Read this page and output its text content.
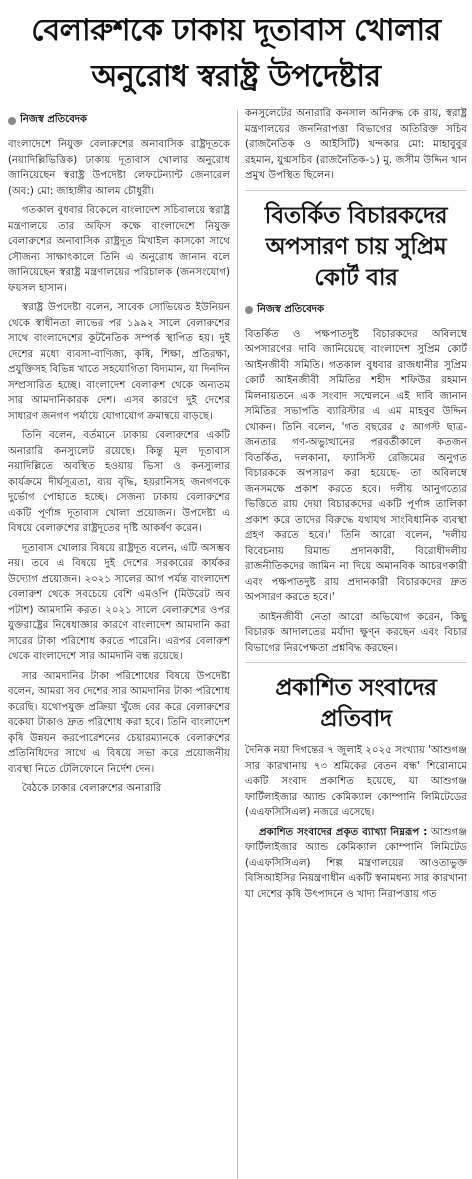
বেলারুশকে ঢাকায় দূতাবাস খোলার
অনুরোধ স্বরাষ্ট্র উপদেষ্টার
নিজস্ব প্রতিবেদক

বাংলাদেশে নিযুক্ত বেলারুশের অনাবাসিক রাষ্ট্রদূতকে (নয়াদিল্লিভিত্তিক) ঢাকায় দূতাবাস খোলার অনুরোধ জানিয়েছেন স্বরাষ্ট্র উপদেষ্টা লেফটেন্যান্ট জেনারেল (অব:) মো: জাহাঙ্গীর আলম চৌধুরী।

গতকাল বুধবার বিকেলে বাংলাদেশ সচিবালয়ে স্বরাষ্ট্র মন্ত্রণালয়ে তার অফিস কক্ষে বাংলাদেশে নিযুক্ত বেলারুশের অনাবাসিক রাষ্ট্রদূত মিখাইল কাসকো সাথে সৌজন্য সাক্ষাৎকালে তিনি এ অনুরোধ জানান বলে জানিয়েছেন স্বরাষ্ট্র মন্ত্রণালয়ের পরিচালক (জনসংযোগ) ফয়সল হাসান।

স্বরাষ্ট্র উপদেষ্টা বলেন, সাবেক সোভিয়েত ইউনিয়ন থেকে স্বাধীনতা লাভের পর ১৯৯২ সালে বেলারুশের সাথে বাংলাদেশের কূটনৈতিক সম্পর্ক স্থাপিত হয়। দুই দেশের মধ্যে ব্যবসা-বাণিজ্য, কৃষি, শিক্ষা, প্রতিরক্ষা, প্রযুক্তিসহ বিভিন্ন খাতে সহযোগিতা বিদ্যমান, যা দিনদিন সম্প্রসারিত হচ্ছে। বাংলাদেশ বেলারুশ থেকে অন্যতম সার আমদানিকারক দেশ। এসব কারণে দুই দেশের সাধারণ জনগণ পর্যায়ে যোগাযোগ ক্রমান্বয়ে বাড়ছে।

তিনি বলেন, বর্তমানে ঢাকায় বেলারুশের একটি অনারারি কনস্যুলেট রয়েছে। কিন্তু মূল দূতাবাস নয়াদিল্লিতে অবস্থিত হওয়ায় ভিসা ও কনস্যুলার কার্যক্রমে দীর্ঘসূত্রতা, ব্যয় বৃদ্ধি, হয়রানিসহ জনগণকে দুর্ভোগ পোহাতে হচ্ছে। সেজন্য ঢাকায় বেলারুশের একটি পূর্ণাঙ্গ দূতাবাস খোলা প্রয়োজন। উপদেষ্টা এ বিষয়ে বেলারুশের রাষ্ট্রদূতের দৃষ্টি আকর্ষণ করেন।

দূতাবাস খোলার বিষয়ে রাষ্ট্রদূত বলেন, এটি অসম্ভব নয়। তবে এ বিষয়ে দুই দেশের সরকারের কার্যকর উদ্যোগ প্রয়োজন। ২০২১ সালের আগ পর্যন্ত বাংলাদেশ বেলারুশ থেকে সবচেয়ে বেশি এমওপি (মিউরেট অব পটাশ) আমদানি করত। ২০২১ সালে বেলারুশের ওপর যুক্তরাষ্ট্রের নিষেধাজ্ঞার কারণে বাংলাদেশ আমদানি করা সারের টাকা পরিশোধ করতে পারেনি। এরপর বেলারুশ থেকে বাংলাদেশে সার আমদানি বন্ধ রয়েছে।

সার আমদানির টাকা পরিশোধের বিষয়ে উপদেষ্টা বলেন, আমরা সব দেশের সার আমদানির টাকা পরিশোধ করেছি। যথোপযুক্ত প্রক্রিয়া খুঁজে বের করে বেলারুশের বকেয়া টাকাও দ্রুত পরিশোধ করা হবে। তিনি বাংলাদেশ কৃষি উন্নয়ন করপোরেশনের চেয়ারম্যানকে বেলারুশের প্রতিনিধিদের সাথে এ বিষয়ে সভা করে প্রয়োজনীয় ব্যবস্থা নিতে টেলিফোনে নির্দেশ দেন।

বৈঠকে ঢাকার বেলারুশের অনারারি

কনসুলেটের অনারারি কনসাল অনিরুদ্ধ কে রায়, স্বরাষ্ট্র মন্ত্রণালয়ের জননিরাপত্তা বিভাগের অতিরিক্ত সচিব (রাজনৈতিক ও আইসিটি) খন্দকার মো: মাহাবুবুর রহমান, যুগ্মসচিব (রাজনৈতিক-১) মু. জসীম উদ্দিন খান প্রমুখ উপস্থিত ছিলেন।

বিতর্কিত বিচারকদের
অপসারণ চায় সুপ্রিম
কোর্ট বার
নিজস্ব প্রতিবেদক

বিতর্কিত ও পক্ষপাতদুষ্ট বিচারকদের অবিলম্বে অপসারণের দাবি জানিয়েছে বাংলাদেশ সুপ্রিম কোর্ট আইনজীবী সমিতি। গতকাল বুধবার রাজধানীর সুপ্রিম কোর্ট আইনজীবী সমিতির শহীদ শফিউর রহমান মিলনায়তনে এক সংবাদ সম্মেলনে এই দাবি জানান সমিতির সভাপতি ব্যারিস্টার এ এম মাহবুব উদ্দিন খোকন। তিনি বলেন, 'গত বছরের ৫ আগস্ট ছাত্র-জনতার গণ-অভ্যুত্থানের পরবর্তীকালে কতজন বিতর্কিত, দলকানা, ফ্যাসিস্ট রেজিমের অনুগত বিচারককে অপসারণ করা হয়েছে- তা অবিলম্বে জনসমক্ষে প্রকাশ করতে হবে। দলীয় আনুগত্যের ভিত্তিতে রায় দেয়া বিচারকদের একটি পূর্ণাঙ্গ তালিকা প্রকাশ করে তাদের বিরুদ্ধে যথাযথ সাংবিধানিক ব্যবস্থা গ্রহণ করতে হবে।' তিনি আরো বলেন, 'দলীয় বিবেচনায় রিমান্ড প্রদানকারী, বিরোধীদলীয় রাজনীতিকদের জামিন না দিয়ে অমানবিক আচরণকারী এবং পক্ষপাতদুষ্ট রায় প্রদানকারী বিচারকদের দ্রুত অপসারণ করতে হবে।'

আইনজীবী নেতা আরো অভিযোগ করেন, কিছু বিচারক আদালতের মর্যাদা ক্ষুণ্ন করছেন এবং বিচার বিভাগের নিরপেক্ষতা প্রশ্নবিদ্ধ করছেন।

প্রকাশিত সংবাদের
প্রতিবাদ

দৈনিক নয়া দিগন্তের ৭ জুলাই ২০২৫ সংখ্যায় 'আশুগঞ্জ সার কারখানায় ৭৩ শ্রমিকের বেতন বন্ধ' শিরোনামে একটি সংবাদ প্রকাশিত হয়েছে, যা আশুগঞ্জ ফার্টিলাইজার অ্যান্ড কেমিক্যাল কোম্পানি লিমিটেডের (এএফসিসিএল) নজরে এসেছে।

প্রকাশিত সংবাদের প্রকৃত ব্যাখ্যা নিম্নরূপ : আশুগঞ্জ ফার্টিলাইজার অ্যান্ড কেমিক্যাল কোম্পানি লিমিটেড (এএফসিসিএল) শিল্প মন্ত্রণালয়ের আওতাভুক্ত বিসিআইসির নিয়ন্ত্রণাধীন একটি স্বনামধন্য সার কারখানা যা দেশের কৃষি উৎপাদনে ও খাদ্য নিরাপত্তায় গত
